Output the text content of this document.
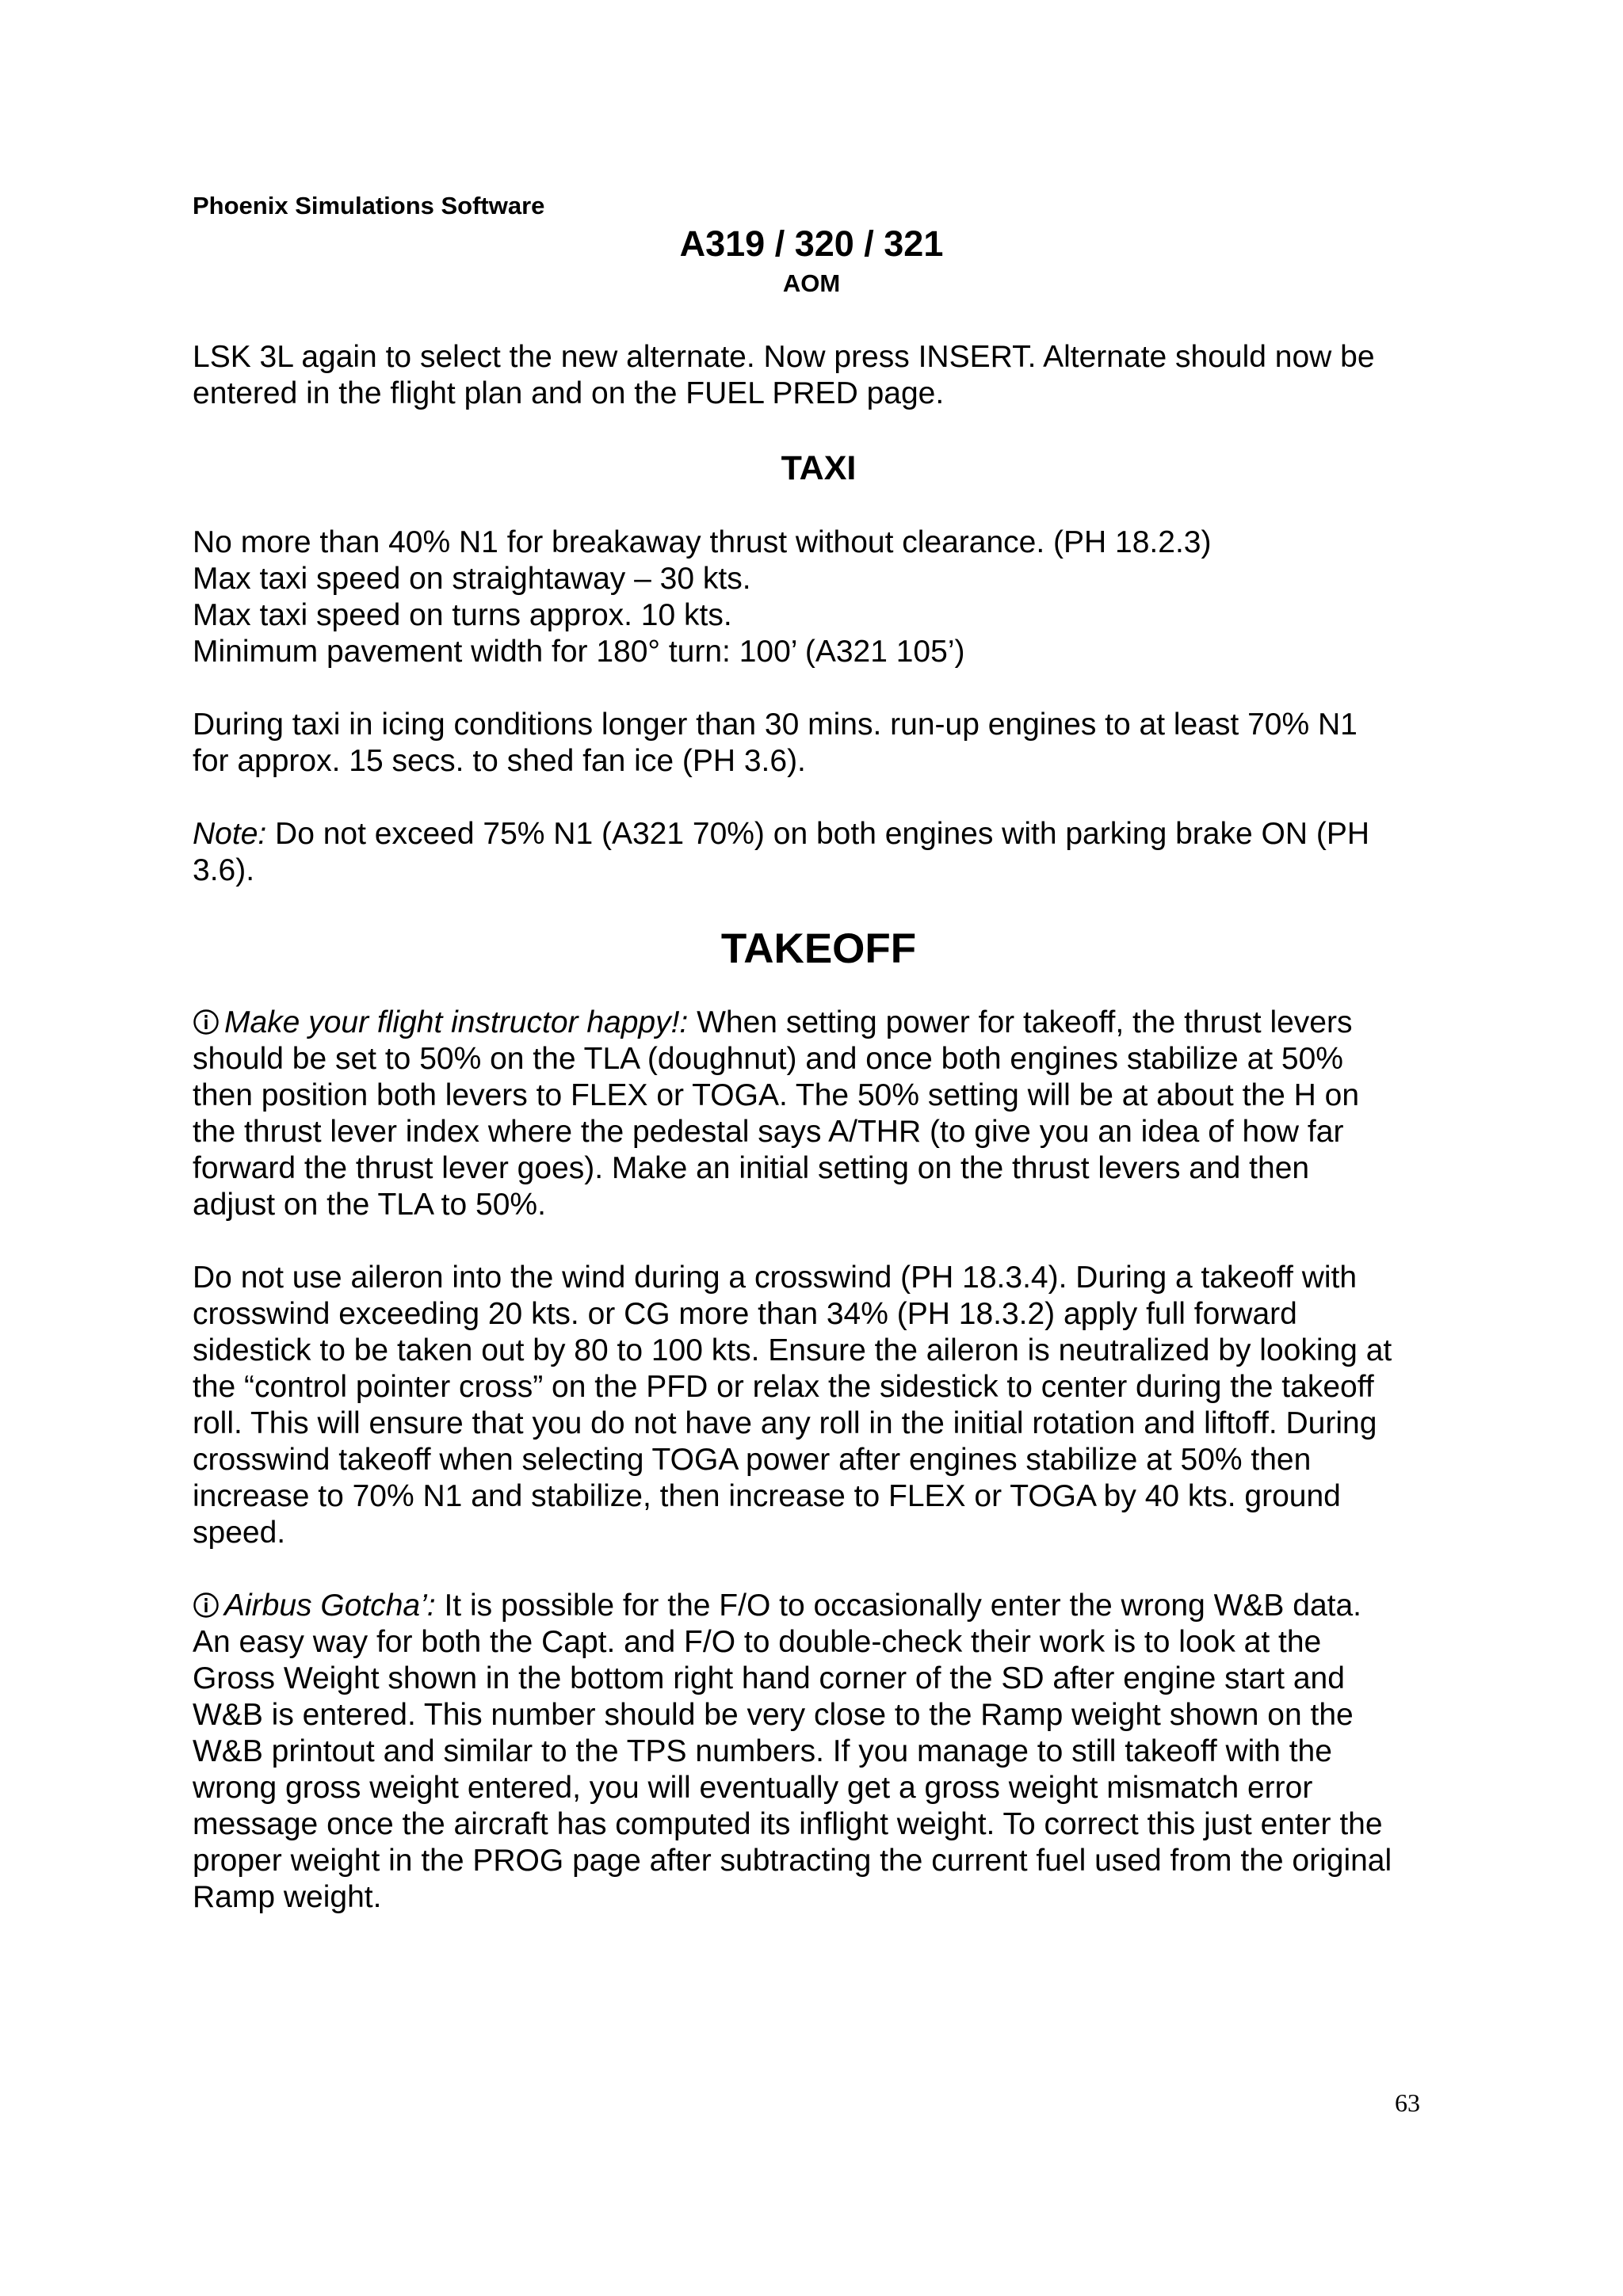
Phoenix Simulations Software
A319 / 320 / 321
AOM

LSK 3L again to select the new alternate. Now press INSERT. Alternate should now be
entered in the flight plan and on the FUEL PRED page.

TAXI

No more than 40% N1 for breakaway thrust without clearance. (PH 18.2.3)
Max taxi speed on straightaway – 30 kts.
Max taxi speed on turns approx. 10 kts.
Minimum pavement width for 180° turn: 100’ (A321 105’)

During taxi in icing conditions longer than 30 mins. run-up engines to at least 70% N1
for approx. 15 secs. to shed fan ice (PH 3.6).

Note: Do not exceed 75% N1 (A321 70%) on both engines with parking brake ON (PH
3.6).

TAKEOFF

Make your flight instructor happy!: When setting power for takeoff, the thrust levers
should be set to 50% on the TLA (doughnut) and once both engines stabilize at 50%
then position both levers to FLEX or TOGA. The 50% setting will be at about the H on
the thrust lever index where the pedestal says A/THR (to give you an idea of how far
forward the thrust lever goes). Make an initial setting on the thrust levers and then
adjust on the TLA to 50%.

Do not use aileron into the wind during a crosswind (PH 18.3.4). During a takeoff with
crosswind exceeding 20 kts. or CG more than 34% (PH 18.3.2) apply full forward
sidestick to be taken out by 80 to 100 kts. Ensure the aileron is neutralized by looking at
the “control pointer cross” on the PFD or relax the sidestick to center during the takeoff
roll. This will ensure that you do not have any roll in the initial rotation and liftoff. During
crosswind takeoff when selecting TOGA power after engines stabilize at 50% then
increase to 70% N1 and stabilize, then increase to FLEX or TOGA by 40 kts. ground
speed.

Airbus Gotcha’: It is possible for the F/O to occasionally enter the wrong W&B data.
An easy way for both the Capt. and F/O to double-check their work is to look at the
Gross Weight shown in the bottom right hand corner of the SD after engine start and
W&B is entered. This number should be very close to the Ramp weight shown on the
W&B printout and similar to the TPS numbers. If you manage to still takeoff with the
wrong gross weight entered, you will eventually get a gross weight mismatch error
message once the aircraft has computed its inflight weight. To correct this just enter the
proper weight in the PROG page after subtracting the current fuel used from the original
Ramp weight.

63
